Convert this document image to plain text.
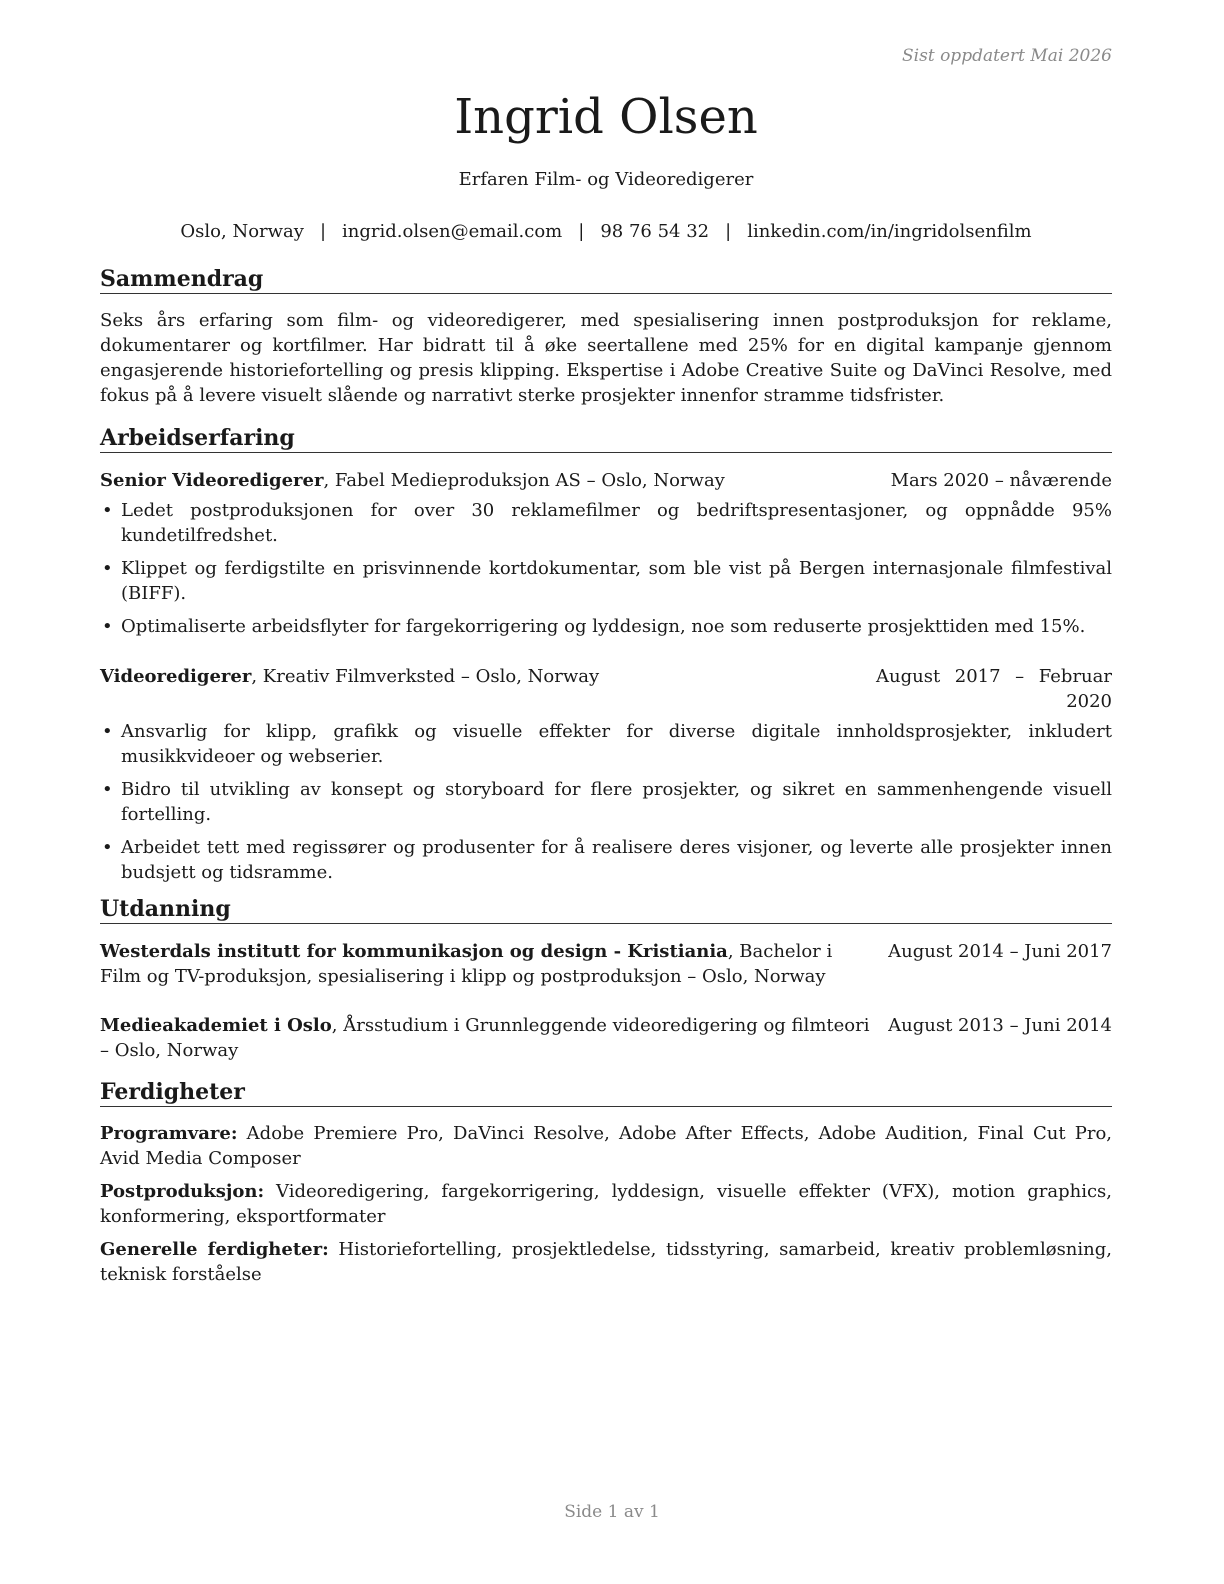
Sist oppdatert Mai 2026
Ingrid Olsen
Erfaren Film- og Videoredigerer
Oslo, Norway | ingrid.olsen@email.com | 98 76 54 32 | linkedin.com/in/ingridolsenfilm
Sammendrag
Seks års erfaring som film- og videoredigerer, med spesialisering innen postproduksjon for reklame, dokumentarer og kortfilmer. Har bidratt til å øke seertallene med 25% for en digital kampanje gjennom engasjerende historiefortelling og presis klipping. Ekspertise i Adobe Creative Suite og DaVinci Resolve, med fokus på å levere visuelt slående og narrativt sterke prosjekter innenfor stramme tidsfrister.
Arbeidserfaring
Senior Videoredigerer, Fabel Medieproduksjon AS – Oslo, Norway	Mars 2020 – nåværende
• Ledet postproduksjonen for over 30 reklamefilmer og bedriftspresentasjoner, og oppnådde 95% kundetilfredshet.
• Klippet og ferdigstilte en prisvinnende kortdokumentar, som ble vist på Bergen internasjonale filmfestival (BIFF).
• Optimaliserte arbeidsflyter for fargekorrigering og lyddesign, noe som reduserte prosjekttiden med 15%.
Videoredigerer, Kreativ Filmverksted – Oslo, Norway	August 2017 – Februar 2020
• Ansvarlig for klipp, grafikk og visuelle effekter for diverse digitale innholdsprosjekter, inkludert musikkvideoer og webserier.
• Bidro til utvikling av konsept og storyboard for flere prosjekter, og sikret en sammenhengende visuell fortelling.
• Arbeidet tett med regissører og produsenter for å realisere deres visjoner, og leverte alle prosjekter innen budsjett og tidsramme.
Utdanning
Westerdals institutt for kommunikasjon og design - Kristiania, Bachelor i Film og TV-produksjon, spesialisering i klipp og postproduksjon – Oslo, Norway
August 2014 – Juni 2017
Medieakademiet i Oslo, Årsstudium i Grunnleggende videoredigering og filmteori – Oslo, Norway
August 2013 – Juni 2014
Ferdigheter
Programvare: Adobe Premiere Pro, DaVinci Resolve, Adobe After Effects, Adobe Audition, Final Cut Pro, Avid Media Composer
Postproduksjon: Videoredigering, fargekorrigering, lyddesign, visuelle effekter (VFX), motion graphics, konformering, eksportformater
Generelle ferdigheter: Historiefortelling, prosjektledelse, tidsstyring, samarbeid, kreativ problemløsning, teknisk forståelse
Side 1 av 1
